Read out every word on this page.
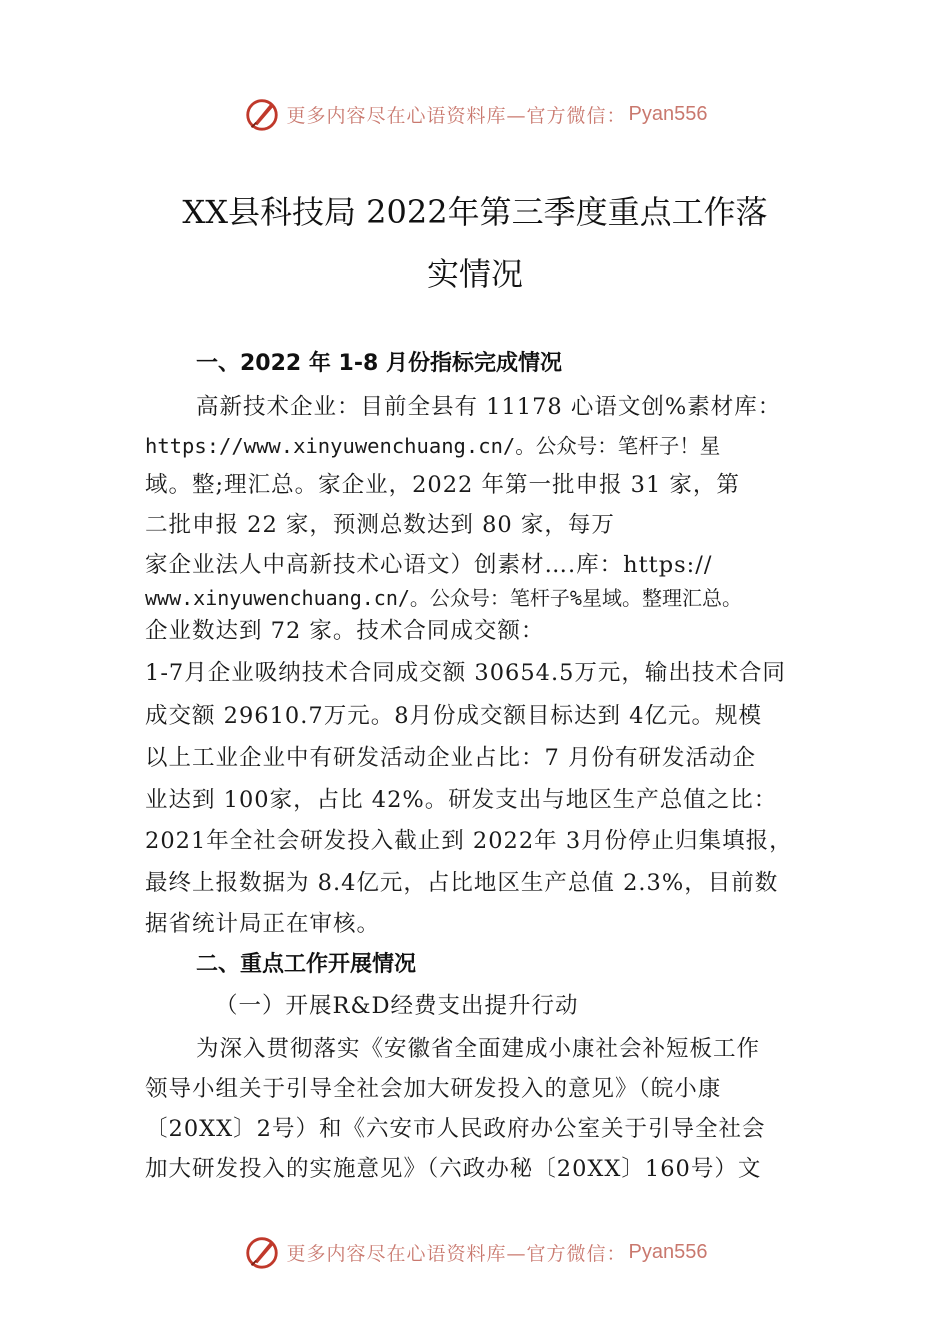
更多内容尽在心语资料库—官方微信： Pyan556
XX县科技局 2022年第三季度重点工作落
实情况
一、2022 年 1-8 月份指标完成情况
高新技术企业：目前全县有 11178 心语文创%素材库：
https://www.xinyuwenchuang.cn/。公众号：笔杆子！星
域。整;理汇总。家企业，2022 年第一批申报 31 家，第
二批申报 22 家，预测总数达到 80 家，每万
家企业法人中高新技术心语文）创素材….库：https://
www.xinyuwenchuang.cn/。公众号：笔杆子%星域。整理汇总。
企业数达到 72 家。技术合同成交额：
1-7月企业吸纳技术合同成交额 30654.5万元，输出技术合同
成交额 29610.7万元。8月份成交额目标达到 4亿元。规模
以上工业企业中有研发活动企业占比：7 月份有研发活动企
业达到 100家，占比 42%。研发支出与地区生产总值之比：
2021年全社会研发投入截止到 2022年 3月份停止归集填报，
最终上报数据为 8.4亿元，占比地区生产总值 2.3%，目前数
据省统计局正在审核。
二、重点工作开展情况
（一）开展R&D经费支出提升行动
为深入贯彻落实《安徽省全面建成小康社会补短板工作
领导小组关于引导全社会加大研发投入的意见》（皖小康
〔20XX〕2号）和《六安市人民政府办公室关于引导全社会
加大研发投入的实施意见》（六政办秘〔20XX〕160号）文
更多内容尽在心语资料库—官方微信： Pyan556
